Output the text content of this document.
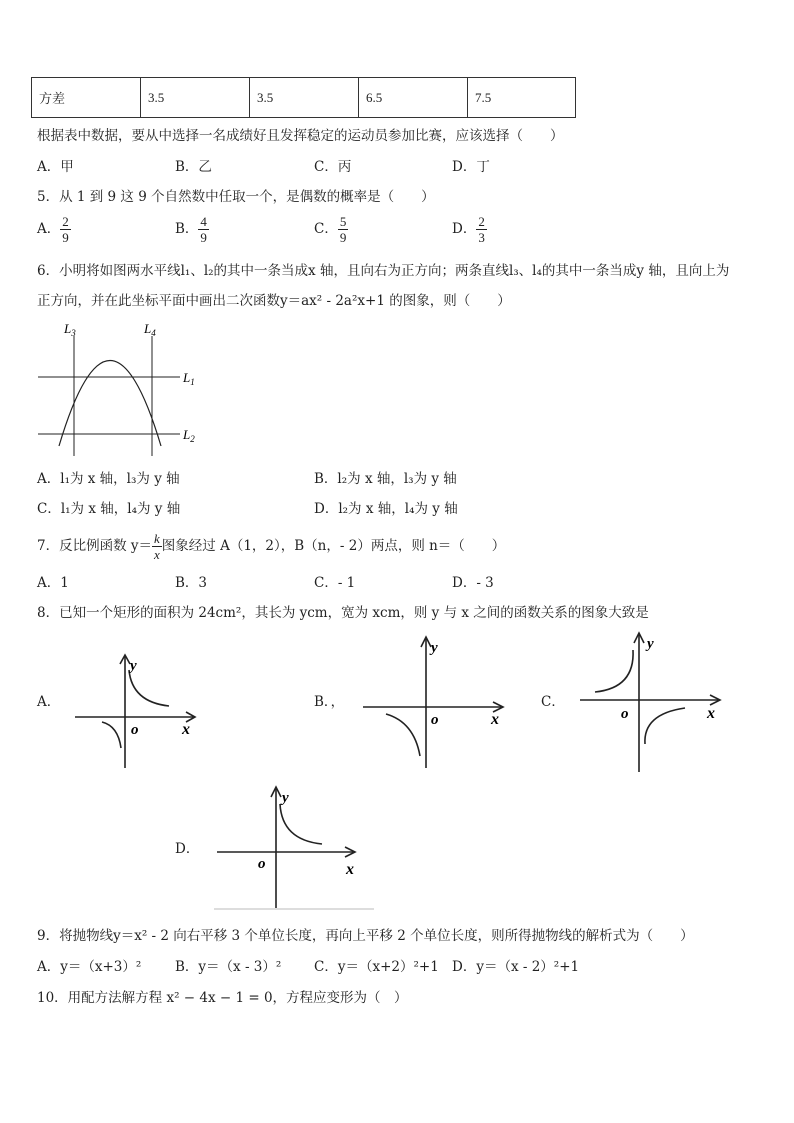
方差	3.5	3.5	6.5	7.5
根据表中数据，要从中选择一名成绩好且发挥稳定的运动员参加比赛，应该选择（　　）
A．甲	B．乙	C．丙	D．丁
5．从 1 到 9 这 9 个自然数中任取一个，是偶数的概率是（　　）
A． $\frac{2}{9}$	B． $\frac{4}{9}$	C． $\frac{5}{9}$	D． $\frac{2}{3}$
6．小明将如图两水平线l₁、l₂的其中一条当成x 轴，且向右为正方向；两条直线l₃、l₄的其中一条当成y 轴，且向上为
正方向，并在此坐标平面中画出二次函数y＝ax² - 2a²x+1 的图象，则（　　）
$L_3$	$L_4$
$L_1$
$L_2$
A．l₁为 x 轴，l₃为 y 轴	B．l₂为 x 轴，l₃为 y 轴
C．l₁为 x 轴，l₄为 y 轴	D．l₂为 x 轴，l₄为 y 轴
7．反比例函数 $y= \frac{k}{x}$ 图象经过 A（1，2），B（n，- 2）两点，则 n＝（　　）
A．1	B．3	C．- 1	D．- 3
8．已知一个矩形的面积为 24cm²，其长为 ycm，宽为 xcm，则 y 与 x 之间的函数关系的图象大致是
A．
y
o	x
B．，
y
o	x
C．
y
o	x
D．
y
o	x
9．将抛物线y＝x² - 2 向右平移 3 个单位长度，再向上平移 2 个单位长度，则所得抛物线的解析式为（　　）
A．y＝（x+3）² B．y＝（x - 3）² C．y＝（x+2）²+1 D．y＝（x - 2）²+1
10．用配方法解方程 x² − 4x − 1 = 0，方程应变形为（　）
